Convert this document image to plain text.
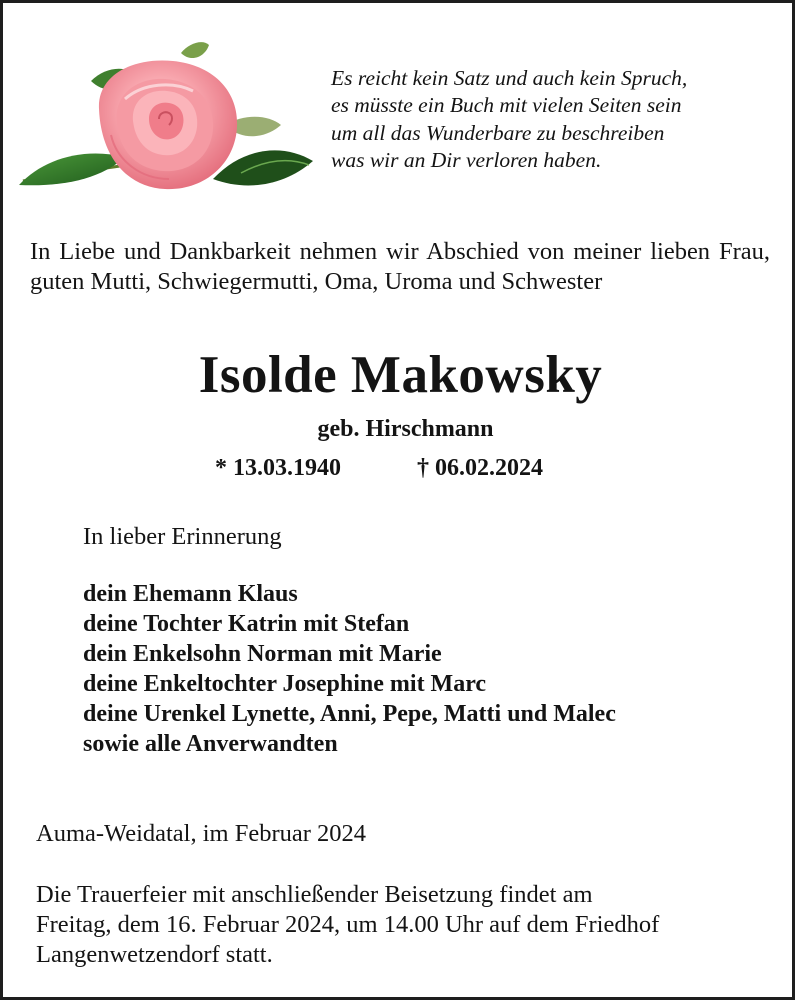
Es reicht kein Satz und auch kein Spruch,
es müsste ein Buch mit vielen Seiten sein
um all das Wunderbare zu beschreiben
was wir an Dir verloren haben.
In Liebe und Dankbarkeit nehmen wir Abschied von meiner lieben Frau, guten Mutti, Schwiegermutti, Oma, Uroma und Schwester
Isolde Makowsky
geb. Hirschmann
* 13.03.1940	† 06.02.2024
In lieber Erinnerung
dein Ehemann Klaus
deine Tochter Katrin mit Stefan
dein Enkelsohn Norman mit Marie
deine Enkeltochter Josephine mit Marc
deine Urenkel Lynette, Anni, Pepe, Matti und Malec
sowie alle Anverwandten
Auma-Weidatal, im Februar 2024
Die Trauerfeier mit anschließender Beisetzung findet am
Freitag, dem 16. Februar 2024, um 14.00 Uhr auf dem Friedhof
Langenwetzendorf statt.
